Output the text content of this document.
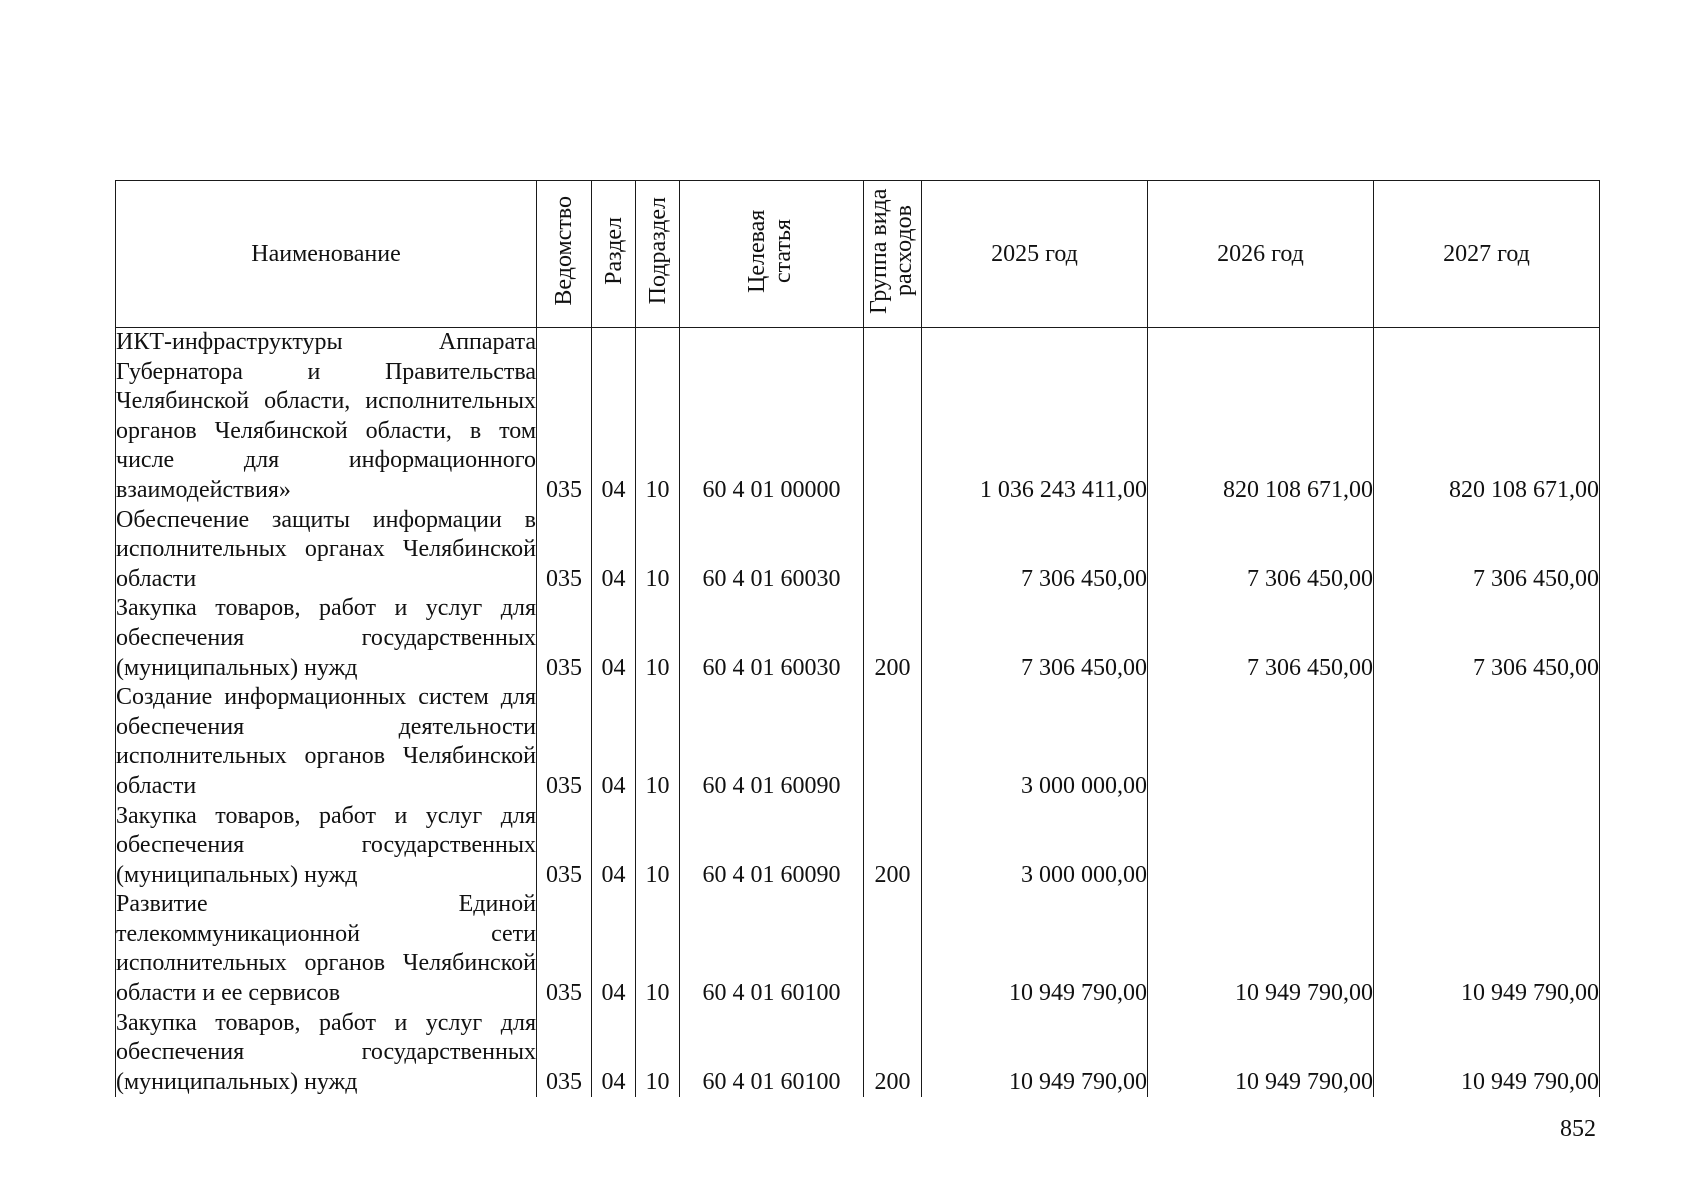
Наименование	Ведомство	Раздел	Подраздел	Целевая статья	Группа вида расходов	2025 год	2026 год	2027 год

ИКТ-инфраструктуры Аппарата Губернатора и Правительства Челябинской области, исполнительных органов Челябинской области, в том числе для информационного взаимодействия»	035	04	10	60 4 01 00000		1 036 243 411,00	820 108 671,00	820 108 671,00

Обеспечение защиты информации в исполнительных органах Челябинской области	035	04	10	60 4 01 60030		7 306 450,00	7 306 450,00	7 306 450,00

Закупка товаров, работ и услуг для обеспечения государственных (муниципальных) нужд	035	04	10	60 4 01 60030	200	7 306 450,00	7 306 450,00	7 306 450,00

Создание информационных систем для обеспечения деятельности исполнительных органов Челябинской области	035	04	10	60 4 01 60090		3 000 000,00		

Закупка товаров, работ и услуг для обеспечения государственных (муниципальных) нужд	035	04	10	60 4 01 60090	200	3 000 000,00		

Развитие Единой телекоммуникационной сети исполнительных органов Челябинской области и ее сервисов	035	04	10	60 4 01 60100		10 949 790,00	10 949 790,00	10 949 790,00

Закупка товаров, работ и услуг для обеспечения государственных (муниципальных) нужд	035	04	10	60 4 01 60100	200	10 949 790,00	10 949 790,00	10 949 790,00
852
